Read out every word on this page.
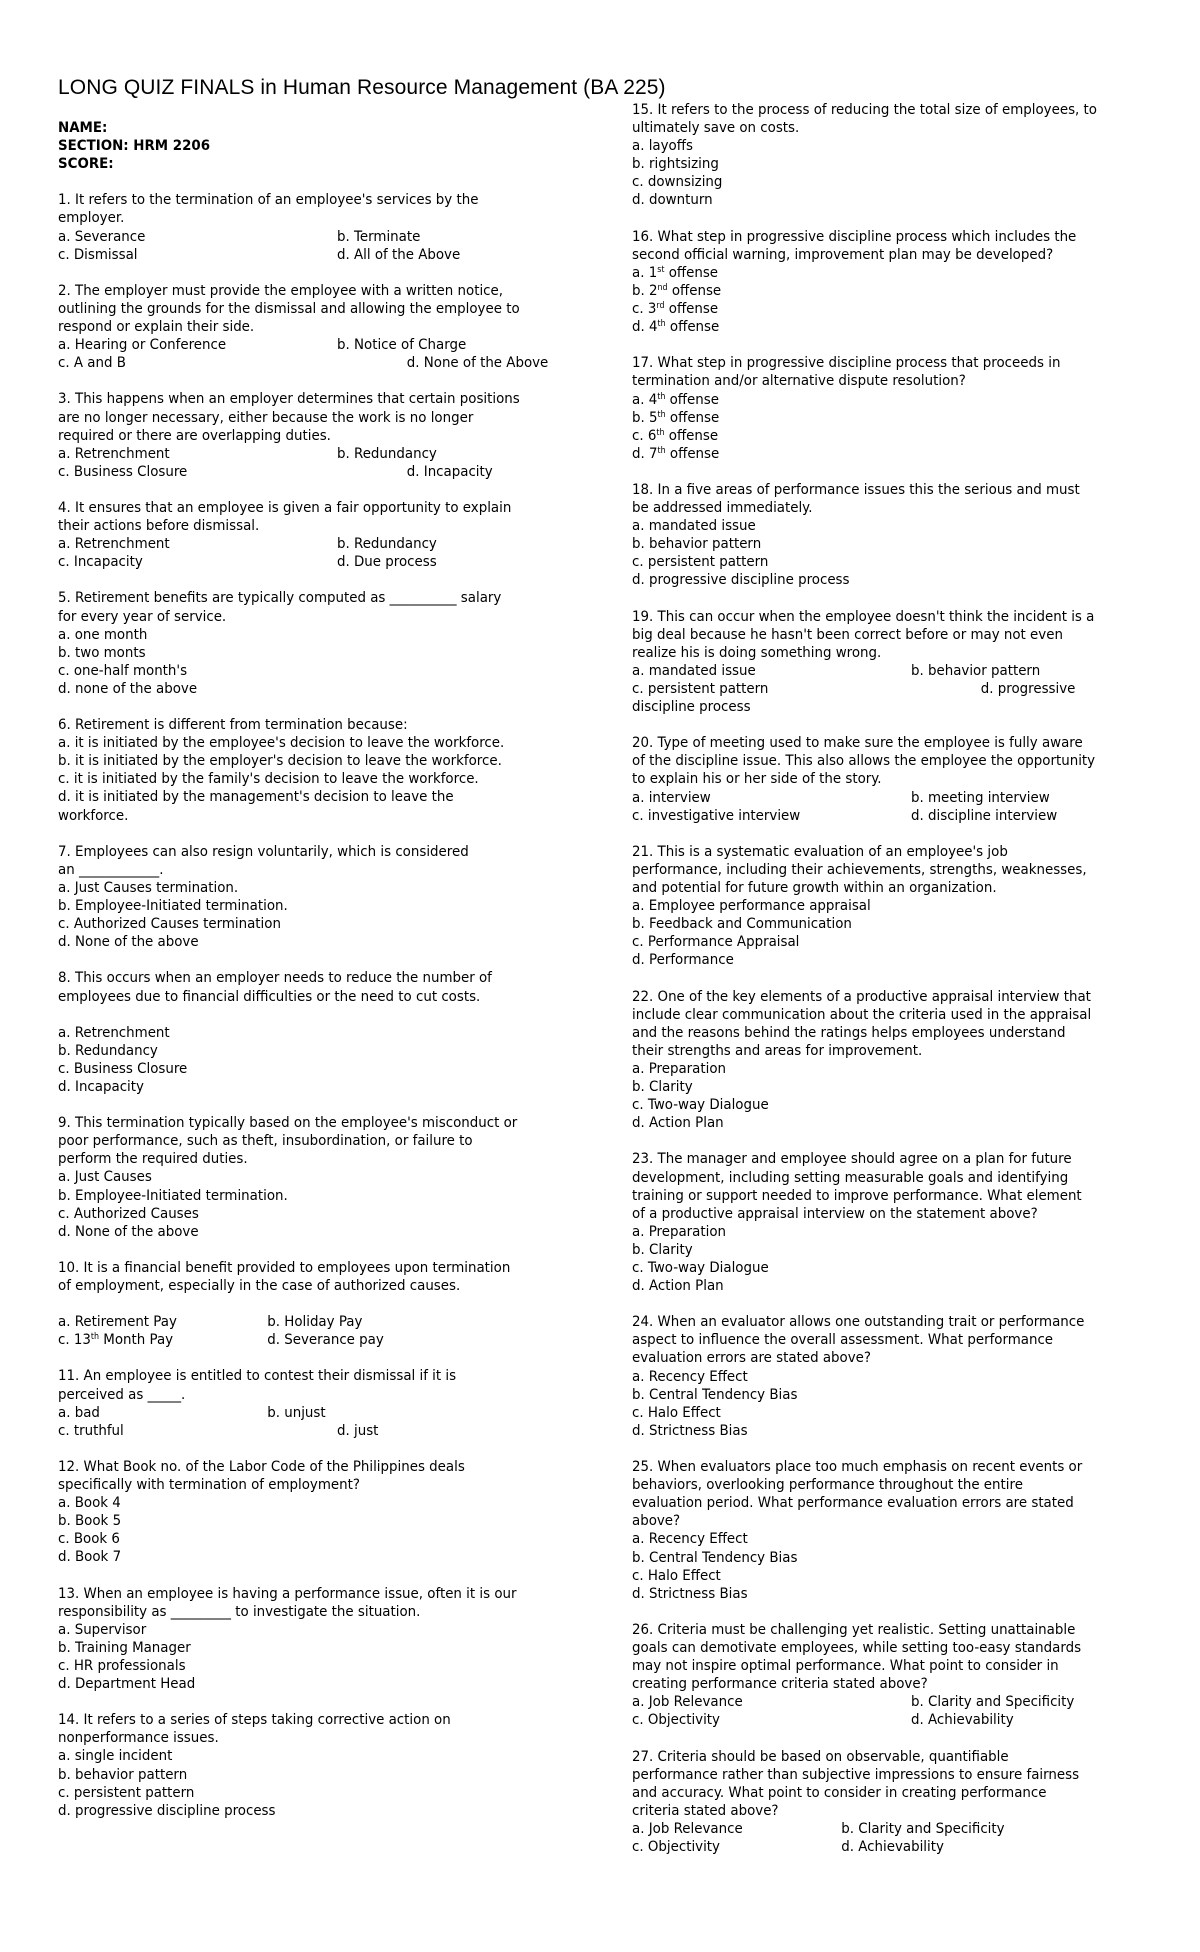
LONG QUIZ FINALS in Human Resource Management (BA 225)
NAME:
SECTION: HRM 2206
SCORE:
1. It refers to the termination of an employee's services by the
employer.
a. Severance	b. Terminate
c. Dismissal	d. All of the Above
2. The employer must provide the employee with a written notice,
outlining the grounds for the dismissal and allowing the employee to
respond or explain their side.
a. Hearing or Conference	b. Notice of Charge
c. A and B	d. None of the Above
3. This happens when an employer determines that certain positions
are no longer necessary, either because the work is no longer
required or there are overlapping duties.
a. Retrenchment	b. Redundancy
c. Business Closure	d. Incapacity
4. It ensures that an employee is given a fair opportunity to explain
their actions before dismissal.
a. Retrenchment	b. Redundancy
c. Incapacity	d. Due process
5. Retirement benefits are typically computed as __________ salary
for every year of service.
a. one month
b. two monts
c. one-half month's
d. none of the above
6. Retirement is different from termination because:
a. it is initiated by the employee's decision to leave the workforce.
b. it is initiated by the employer's decision to leave the workforce.
c. it is initiated by the family's decision to leave the workforce.
d. it is initiated by the management's decision to leave the
workforce.
7. Employees can also resign voluntarily, which is considered
an ____________.
a. Just Causes termination.
b. Employee-Initiated termination.
c. Authorized Causes termination
d. None of the above
8. This occurs when an employer needs to reduce the number of
employees due to financial difficulties or the need to cut costs.
a. Retrenchment
b. Redundancy
c. Business Closure
d. Incapacity
9. This termination typically based on the employee's misconduct or
poor performance, such as theft, insubordination, or failure to
perform the required duties.
a. Just Causes
b. Employee-Initiated termination.
c. Authorized Causes
d. None of the above
10. It is a financial benefit provided to employees upon termination
of employment, especially in the case of authorized causes.
a. Retirement Pay	b. Holiday Pay
c. 13th Month Pay	d. Severance pay
11. An employee is entitled to contest their dismissal if it is
perceived as _____.
a. bad	b. unjust
c. truthful	d. just
12. What Book no. of the Labor Code of the Philippines deals
specifically with termination of employment?
a. Book 4
b. Book 5
c. Book 6
d. Book 7
13. When an employee is having a performance issue, often it is our
responsibility as _________ to investigate the situation.
a. Supervisor
b. Training Manager
c. HR professionals
d. Department Head
14. It refers to a series of steps taking corrective action on
nonperformance issues.
a. single incident
b. behavior pattern
c. persistent pattern
d. progressive discipline process
15. It refers to the process of reducing the total size of employees, to
ultimately save on costs.
a. layoffs
b. rightsizing
c. downsizing
d. downturn
16. What step in progressive discipline process which includes the
second official warning, improvement plan may be developed?
a. 1st offense
b. 2nd offense
c. 3rd offense
d. 4th offense
17. What step in progressive discipline process that proceeds in
termination and/or alternative dispute resolution?
a. 4th offense
b. 5th offense
c. 6th offense
d. 7th offense
18. In a five areas of performance issues this the serious and must
be addressed immediately.
a. mandated issue
b. behavior pattern
c. persistent pattern
d. progressive discipline process
19. This can occur when the employee doesn't think the incident is a
big deal because he hasn't been correct before or may not even
realize his is doing something wrong.
a. mandated issue	b. behavior pattern
c. persistent pattern	d. progressive
discipline process
20. Type of meeting used to make sure the employee is fully aware
of the discipline issue. This also allows the employee the opportunity
to explain his or her side of the story.
a. interview	b. meeting interview
c. investigative interview	d. discipline interview
21. This is a systematic evaluation of an employee's job
performance, including their achievements, strengths, weaknesses,
and potential for future growth within an organization.
a. Employee performance appraisal
b. Feedback and Communication
c. Performance Appraisal
d. Performance
22. One of the key elements of a productive appraisal interview that
include clear communication about the criteria used in the appraisal
and the reasons behind the ratings helps employees understand
their strengths and areas for improvement.
a. Preparation
b. Clarity
c. Two-way Dialogue
d. Action Plan
23. The manager and employee should agree on a plan for future
development, including setting measurable goals and identifying
training or support needed to improve performance. What element
of a productive appraisal interview on the statement above?
a. Preparation
b. Clarity
c. Two-way Dialogue
d. Action Plan
24. When an evaluator allows one outstanding trait or performance
aspect to influence the overall assessment. What performance
evaluation errors are stated above?
a. Recency Effect
b. Central Tendency Bias
c. Halo Effect
d. Strictness Bias
25. When evaluators place too much emphasis on recent events or
behaviors, overlooking performance throughout the entire
evaluation period. What performance evaluation errors are stated
above?
a. Recency Effect
b. Central Tendency Bias
c. Halo Effect
d. Strictness Bias
26. Criteria must be challenging yet realistic. Setting unattainable
goals can demotivate employees, while setting too-easy standards
may not inspire optimal performance. What point to consider in
creating performance criteria stated above?
a. Job Relevance	b. Clarity and Specificity
c. Objectivity	d. Achievability
27. Criteria should be based on observable, quantifiable
performance rather than subjective impressions to ensure fairness
and accuracy. What point to consider in creating performance
criteria stated above?
a. Job Relevance	b. Clarity and Specificity
c. Objectivity	d. Achievability
